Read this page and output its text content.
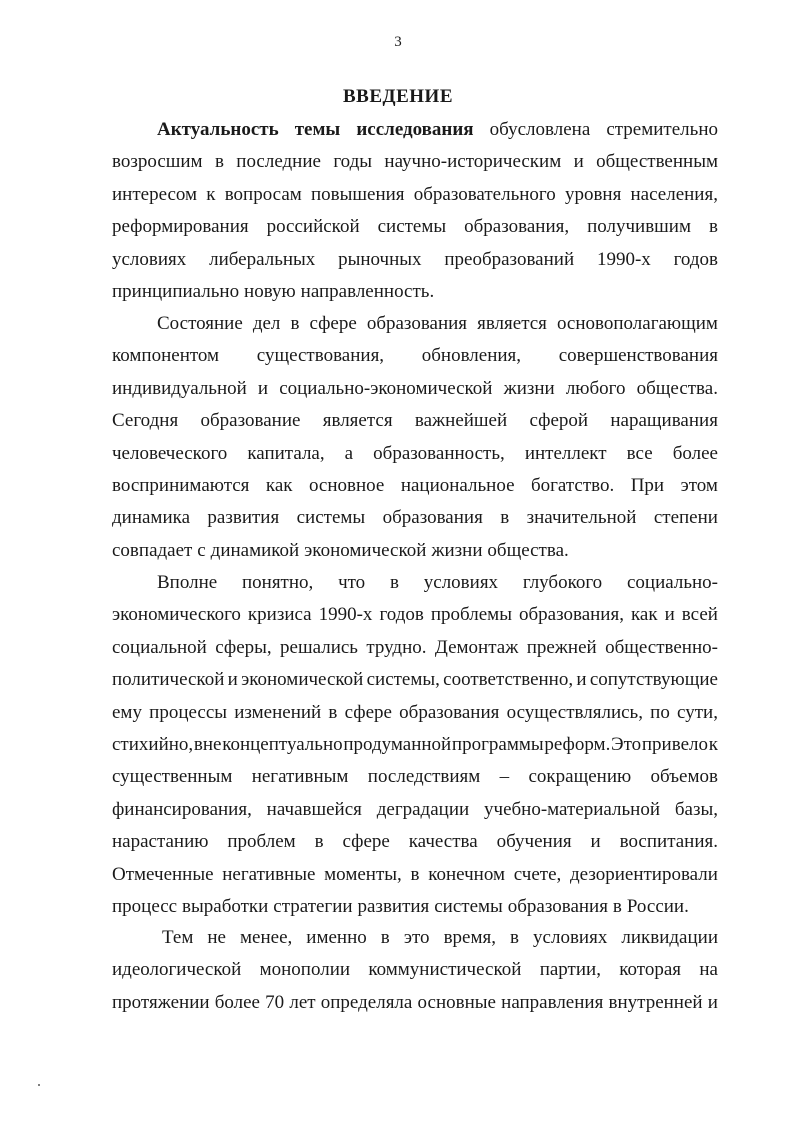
3
ВВЕДЕНИЕ
Актуальность темы исследования обусловлена стремительно
возросшим в последние годы научно-историческим и общественным
интересом к вопросам повышения образовательного уровня населения,
реформирования российской системы образования, получившим в
условиях либеральных рыночных преобразований 1990-х годов
принципиально новую направленность.
Состояние дел в сфере образования является основополагающим
компонентом существования, обновления, совершенствования
индивидуальной и социально-экономической жизни любого общества.
Сегодня образование является важнейшей сферой наращивания
человеческого капитала, а образованность, интеллект все более
воспринимаются как основное национальное богатство. При этом
динамика развития системы образования в значительной степени
совпадает с динамикой экономической жизни общества.
Вполне понятно, что в условиях глубокого социально-
экономического кризиса 1990-х годов проблемы образования, как и всей
социальной сферы, решались трудно. Демонтаж прежней общественно-
политической и экономической системы, соответственно, и сопутствующие
ему процессы изменений в сфере образования осуществлялись, по сути,
стихийно, вне концептуально продуманной программы реформ. Это привело к
существенным негативным последствиям – сокращению объемов
финансирования, начавшейся деградации учебно-материальной базы,
нарастанию проблем в сфере качества обучения и воспитания.
Отмеченные негативные моменты, в конечном счете, дезориентировали
процесс выработки стратегии развития системы образования в России.
Тем не менее, именно в это время, в условиях ликвидации
идеологической монополии коммунистической партии, которая на
протяжении более 70 лет определяла основные направления внутренней и
